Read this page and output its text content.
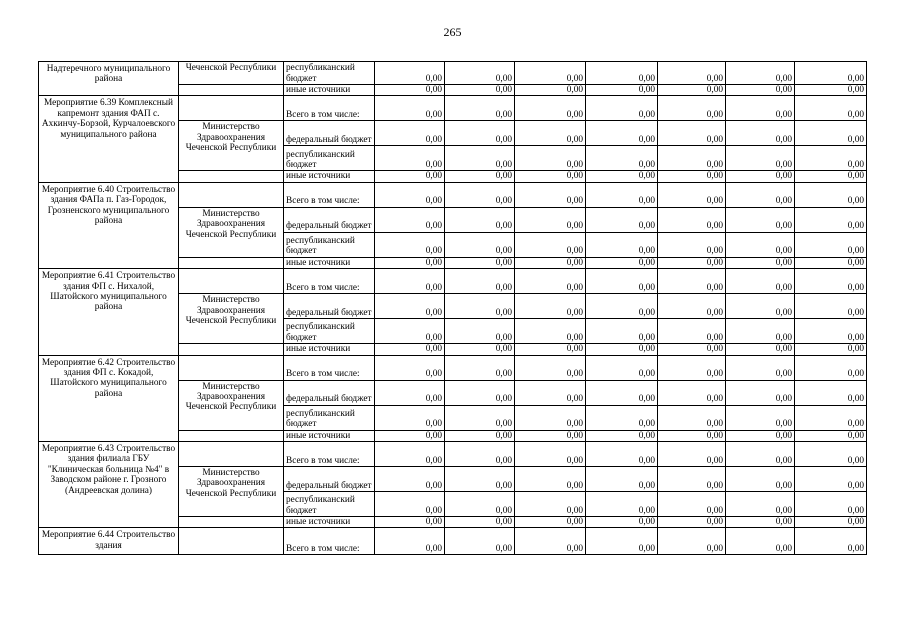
265
Надтеречного муниципального района	Чеченской Республики	республиканский бюджет	0,00	0,00	0,00	0,00	0,00	0,00	0,00
		иные источники	0,00	0,00	0,00	0,00	0,00	0,00	0,00
Мероприятие 6.39 Комплексный капремонт здания ФАП с. Ахкинчу-Борзой, Курчалоевского муниципального района		Всего в том числе:	0,00	0,00	0,00	0,00	0,00	0,00	0,00
	Министерство Здравоохранения Чеченской Республики	федеральный бюджет	0,00	0,00	0,00	0,00	0,00	0,00	0,00
		республиканский бюджет	0,00	0,00	0,00	0,00	0,00	0,00	0,00
		иные источники	0,00	0,00	0,00	0,00	0,00	0,00	0,00
Мероприятие 6.40 Строительство здания ФАПа п. Газ-Городок, Грозненского муниципального района		Всего в том числе:	0,00	0,00	0,00	0,00	0,00	0,00	0,00
	Министерство Здравоохранения Чеченской Республики	федеральный бюджет	0,00	0,00	0,00	0,00	0,00	0,00	0,00
		республиканский бюджет	0,00	0,00	0,00	0,00	0,00	0,00	0,00
		иные источники	0,00	0,00	0,00	0,00	0,00	0,00	0,00
Мероприятие 6.41 Строительство здания ФП с. Нихалой, Шатойского муниципального района		Всего в том числе:	0,00	0,00	0,00	0,00	0,00	0,00	0,00
	Министерство Здравоохранения Чеченской Республики	федеральный бюджет	0,00	0,00	0,00	0,00	0,00	0,00	0,00
		республиканский бюджет	0,00	0,00	0,00	0,00	0,00	0,00	0,00
		иные источники	0,00	0,00	0,00	0,00	0,00	0,00	0,00
Мероприятие 6.42 Строительство здания ФП с. Кокадой, Шатойского муниципального района		Всего в том числе:	0,00	0,00	0,00	0,00	0,00	0,00	0,00
	Министерство Здравоохранения Чеченской Республики	федеральный бюджет	0,00	0,00	0,00	0,00	0,00	0,00	0,00
		республиканский бюджет	0,00	0,00	0,00	0,00	0,00	0,00	0,00
		иные источники	0,00	0,00	0,00	0,00	0,00	0,00	0,00
Мероприятие 6.43 Строительство здания филиала ГБУ "Клиническая больница №4" в Заводском районе г. Грозного (Андреевская долина)		Всего в том числе:	0,00	0,00	0,00	0,00	0,00	0,00	0,00
	Министерство Здравоохранения Чеченской Республики	федеральный бюджет	0,00	0,00	0,00	0,00	0,00	0,00	0,00
		республиканский бюджет	0,00	0,00	0,00	0,00	0,00	0,00	0,00
		иные источники	0,00	0,00	0,00	0,00	0,00	0,00	0,00
Мероприятие 6.44 Строительство здания		Всего в том числе:	0,00	0,00	0,00	0,00	0,00	0,00	0,00
